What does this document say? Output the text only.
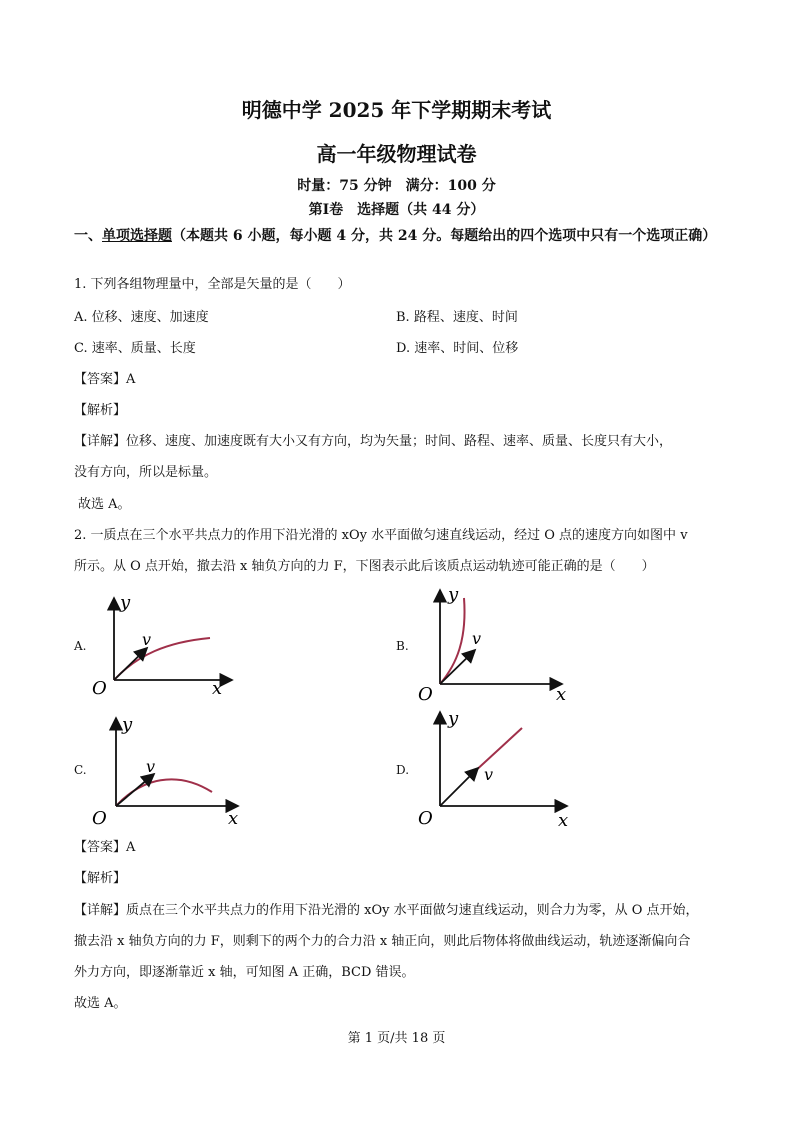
明德中学 2025 年下学期期末考试
高一年级物理试卷
时量：75 分钟　满分：100 分
第Ⅰ卷　选择题（共 44 分）
一、单项选择题（本题共 6 小题，每小题 4 分，共 24 分。每题给出的四个选项中只有一个选项正确）
1. 下列各组物理量中，全部是矢量的是（　　）
A. 位移、速度、加速度	B. 路程、速度、时间
C. 速率、质量、长度	D. 速率、时间、位移
【答案】A
【解析】
【详解】位移、速度、加速度既有大小又有方向，均为矢量；时间、路程、速率、质量、长度只有大小，
没有方向，所以是标量。
故选 A。
2. 一质点在三个水平共点力的作用下沿光滑的 xOy 水平面做匀速直线运动，经过 O 点的速度方向如图中 v
所示。从 O 点开始，撤去沿 x 轴负方向的力 F，下图表示此后该质点运动轨迹可能正确的是（　　）
A.	B.
C.	D.
y
x
O
v
y
x
O
v
y
x
O
v
y
x
O
v
【答案】A
【解析】
【详解】质点在三个水平共点力的作用下沿光滑的 xOy 水平面做匀速直线运动，则合力为零，从 O 点开始，
撤去沿 x 轴负方向的力 F，则剩下的两个力的合力沿 x 轴正向，则此后物体将做曲线运动，轨迹逐渐偏向合
外力方向，即逐渐靠近 x 轴，可知图 A 正确，BCD 错误。
故选 A。
第 1 页/共 18 页
